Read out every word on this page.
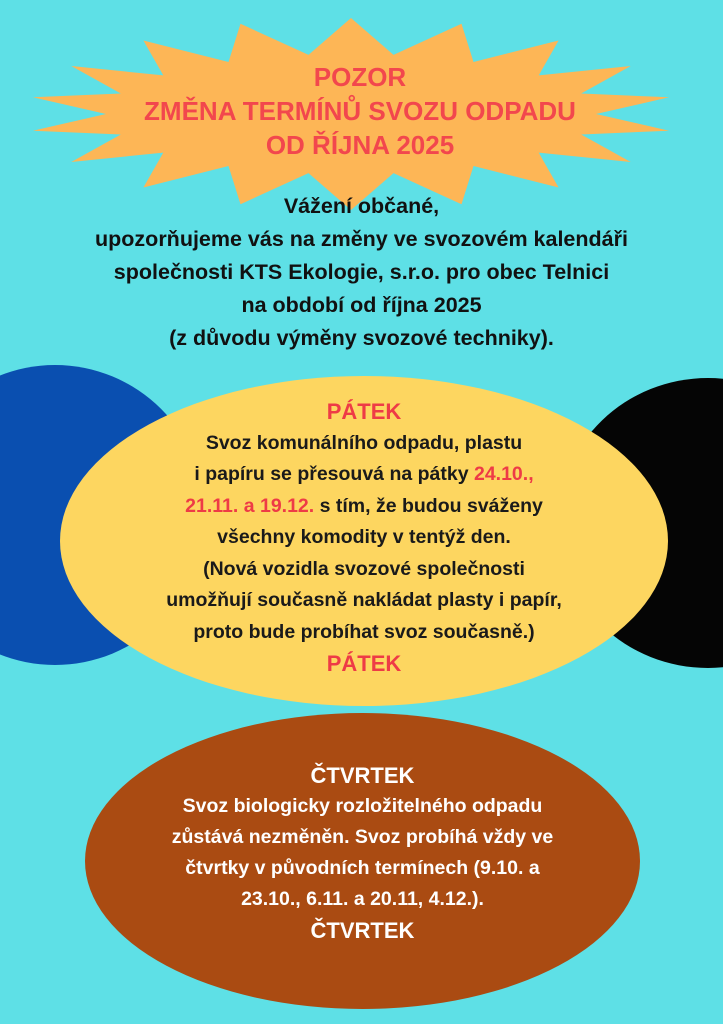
POZOR
ZMĚNA TERMÍNŮ SVOZU ODPADU
OD ŘÍJNA 2025
Vážení občané,
upozorňujeme vás na změny ve svozovém kalendáři
společnosti KTS Ekologie, s.r.o. pro obec Telnici
na období od října 2025
(z důvodu výměny svozové techniky).
PÁTEK
Svoz komunálního odpadu, plastu
i papíru se přesouvá na pátky 24.10.,
21.11. a 19.12. s tím, že budou sváženy
všechny komodity v tentýž den.
(Nová vozidla svozové společnosti
umožňují současně nakládat plasty i papír,
proto bude probíhat svoz současně.)
PÁTEK
ČTVRTEK
Svoz biologicky rozložitelného odpadu
zůstává nezměněn. Svoz probíhá vždy ve
čtvrtky v původních termínech (9.10. a
23.10., 6.11. a 20.11, 4.12.).
ČTVRTEK
